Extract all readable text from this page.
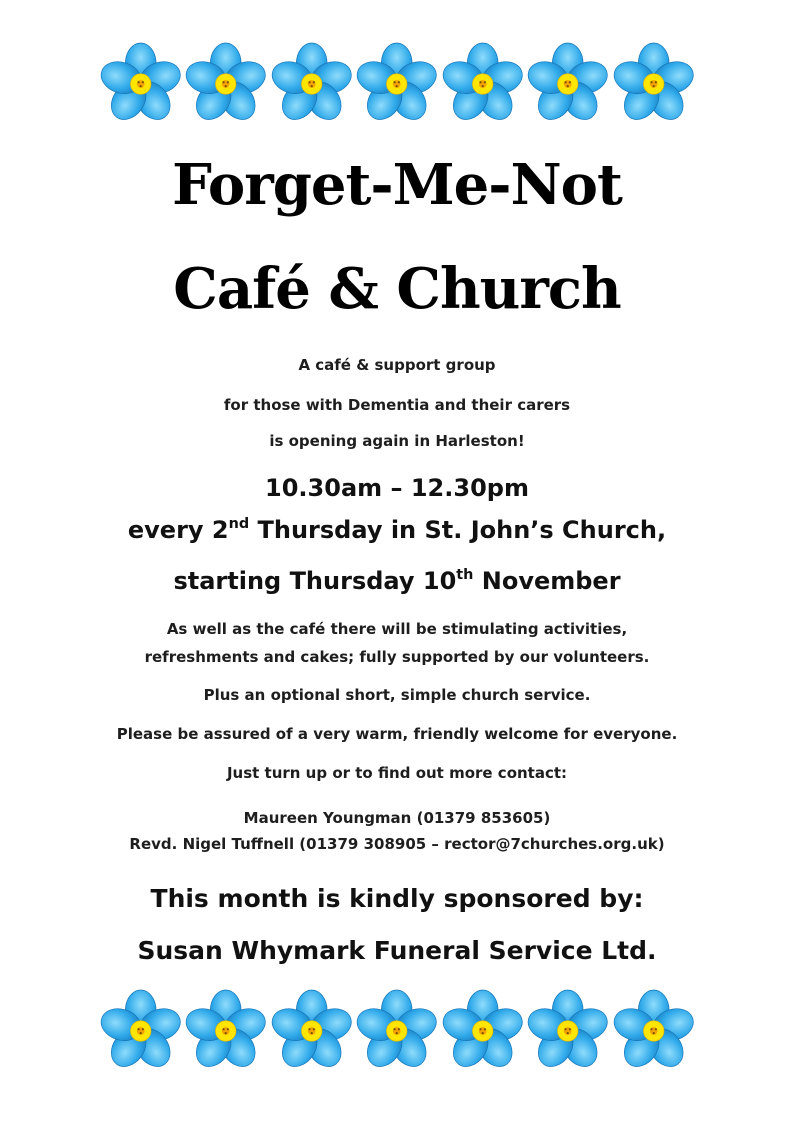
Forget-Me-Not
Café & Church
A café & support group
for those with Dementia and their carers
is opening again in Harleston!
10.30am – 12.30pm
every 2nd Thursday in St. John’s Church,
starting Thursday 10th November
As well as the café there will be stimulating activities,
refreshments and cakes; fully supported by our volunteers.
Plus an optional short, simple church service.
Please be assured of a very warm, friendly welcome for everyone.
Just turn up or to find out more contact:
Maureen Youngman (01379 853605)
Revd. Nigel Tuffnell (01379 308905 – rector@7churches.org.uk)
This month is kindly sponsored by:
Susan Whymark Funeral Service Ltd.
